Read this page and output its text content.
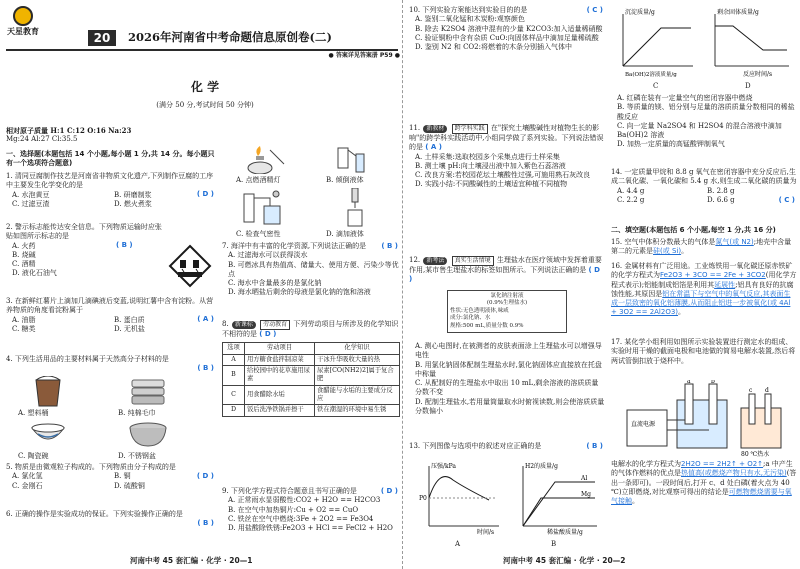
天星教育	20	2026年河南省中考命题信息原创卷(二)
● 答案详见答案册 P59 ●
化 学
(满分 50 分,考试时间 50 分钟)
相对原子质量 H:1 C:12 O:16 Na:23
Mg:24 Al:27 Cl:35.5
一、选择题(本题包括 14 个小题,每小题 1 分,共 14 分。每小题只有一个选项符合题意)
1. 清同豆腐制作技艺是河南省非物质文化遗产,下列制作豆腐的工序中主要发生化学变化的是
( D )
A. 水泡黄豆	B. 研磨制浆
C. 过滤豆渣	D. 燃火煮浆
2. 警示标志能传达安全信息。下列物质运输时应张贴如图所示标志的是
( B )
A. 火药
B. 烧碱
C. 酒精
D. 液化石油气
3. 在新鲜红薯片上滴加几滴碘液后变蓝,说明红薯中含有淀粉。从营养物质的角度看淀粉属于
( A )
A. 油脂	B. 蛋白质
C. 糖类	D. 无机盐
4. 下列生活用品的主要材料属于天然高分子材料的是
( B )
A. 塑料桶	B. 纯棉毛巾
C. 陶瓷碗	D. 不锈钢盆
5. 物质是由微观粒子构成的。下列物质由分子构成的是
( D )
A. 氯化氢	B. 铜
C. 金刚石	D. 硫酸铜
6. 正确的操作是实验成功的保证。下列实验操作正确的是
( B )
A. 点燃酒精灯	B. 倾倒液体
C. 检查气密性	D. 滴加液体
7. 海洋中有丰富的化学资源,下列说法正确的是	( B )
A. 过滤海水可以获得淡水
B. 可燃冰具有热值高、储量大、使用方便、污染少等优点
C. 海水中含量最多的是氯化钠
D. 海水晒盐后剩余的母液是氯化钠的饱和溶液
8. 新课标 劳动教育 下列劳动项目与所涉及的化学知识不相符的是 ( D )
选项	劳动项目	化学知识
A	用方糖食盐拌制凉菜	干冰升华吸收大量的热
B	给校园中的花草施用尿素	尿素[CO(NH2)2]属于复合肥
C	用食醋除水垢	食醋能与水垢的主要成分反应
D	饭后洗净铁锅并擦干	铁在潮湿的环境中易生锈
9. 下列化学方程式符合题意且书写正确的是	( D )
A. 正常雨水显弱酸性:CO2 + H2O == H2CO3
B. 在空气中加热铜片:Cu + O2 == CuO
C. 铁丝在空气中燃烧:3Fe + 2O2 == Fe3O4
D. 用盐酸除铁锈:Fe2O3 + HCl == FeCl2 + H2O
河南中考 45 套汇编 · 化学 · 20—1
10. 下列实验方案能达到实验目的的是	( C )
A. 鉴别二氧化锰和木炭粉:观察颜色
B. 除去 K2SO4 溶液中混有的少量 K2CO3:加入适量稀硝酸
C. 验证铜粉中含有杂质 CuO:向固体样品中滴加足量稀硫酸
D. 鉴别 N2 和 CO2:将燃着的木条分别插入气体中
11. 新教材 跨学科实践 在"探究土壤酸碱性对植物生长的影响"的跨学科实践活动中,小组同学做了系列实验。下列说法错误的是 ( A )
A. 土样采集:选取校园多个采集点进行土样采集
B. 测土壤 pH:向土壤浸出液中加入紫色石蕊溶液
C. 改良方案:若校园花坛土壤酸性过强,可施用熟石灰改良
D. 实践小结:不同酸碱性的土壤适宜种植不同植物
12. 新考法 真实生活情境 生理盐水在医疗领域中发挥着重要作用,某市售生理盐水的标签如图所示。下列说法正确的是 ( D )
氯化钠注射液
(0.9%生理盐水)
性状:无色透明液体,味咸
成分:氯化钠、水
规格:500 mL,质量分数 0.9%
A. 测心电图时,在被测者的皮肤表面涂上生理盐水可以增强导电性
B. 用氯化钠固体配制生理盐水时,氯化钠固体应直接放在托盘中称量
C. 从配制好的生理盐水中取出 10 mL,剩余溶液的溶质质量分数不变
D. 配制生理盐水,若用量筒量取水时俯视读数,则会使溶质质量分数偏小
13. 下列图像与选项中的叙述对应正确的是	( B )
压强/kPa
P0
时间/s
A
H2的质量/g
稀盐酸质量/g
Mg
Al
B
沉淀质量/g
Ba(OH)2溶液质量/g
C
剩余固体质量/g
反应时间/s
D
A. 红磷在装有一定量空气的密闭容器中燃烧
B. 等质量的镁、铝分别与足量的溶质质量分数相同的稀盐酸反应
C. 向一定量 Na2SO4 和 H2SO4 的混合溶液中滴加 Ba(OH)2 溶液
D. 加热一定质量的高锰酸钾制氧气
14. 一定质量甲烷和 8.8 g 氧气在密闭容器中充分反应后,生成二氧化碳、一氧化碳和 5.4 g 水,则生成二氧化碳的质量为
( C )
A. 4.4 g	B. 2.8 g
C. 2.2 g	D. 6.6 g
二、填空题(本题包括 6 个小题,每空 1 分,共 16 分)
15. 空气中体积分数最大的气体是氮气(或 N2);地壳中含量第二的元素是硅(或 Si)。
16. 金属材料有广泛用途。工业炼铁用一氧化碳还原赤铁矿的化学方程式为Fe2O3 + 3CO == 2Fe + 3CO2(用化学方程式表示);铝能制成铝箔是利用其延展性;铝具有良好的抗腐蚀性能,其原因是铝在常温下与空气中的氧气反应,其表面生成一层致密的氧化铝薄膜,从而阻止铝进一步被氧化(或 4Al + 3O2 == 2Al2O3)。
17. 某化学小组利用如图所示实验装置进行测定水的组成、实验时用干燥的截面电极和电池做的简易电解水装置,然后将两试管倒扣放于烧杯中。
直流电源
a	b
c d
80 ℃热水
电解水的化学方程式为2H2O == 2H2↑ + O2↑;a 中产生的气体作燃料的优点是热值高(或燃烧产物只有水,无污染)(答出一条即可)。一段时间后,打开 c、d 处白磷(着火点为 40 ℃)立即燃烧,对比观察可得出的结论是可燃物燃烧需要与氧气接触。
河南中考 45 套汇编 · 化学 · 20—2
